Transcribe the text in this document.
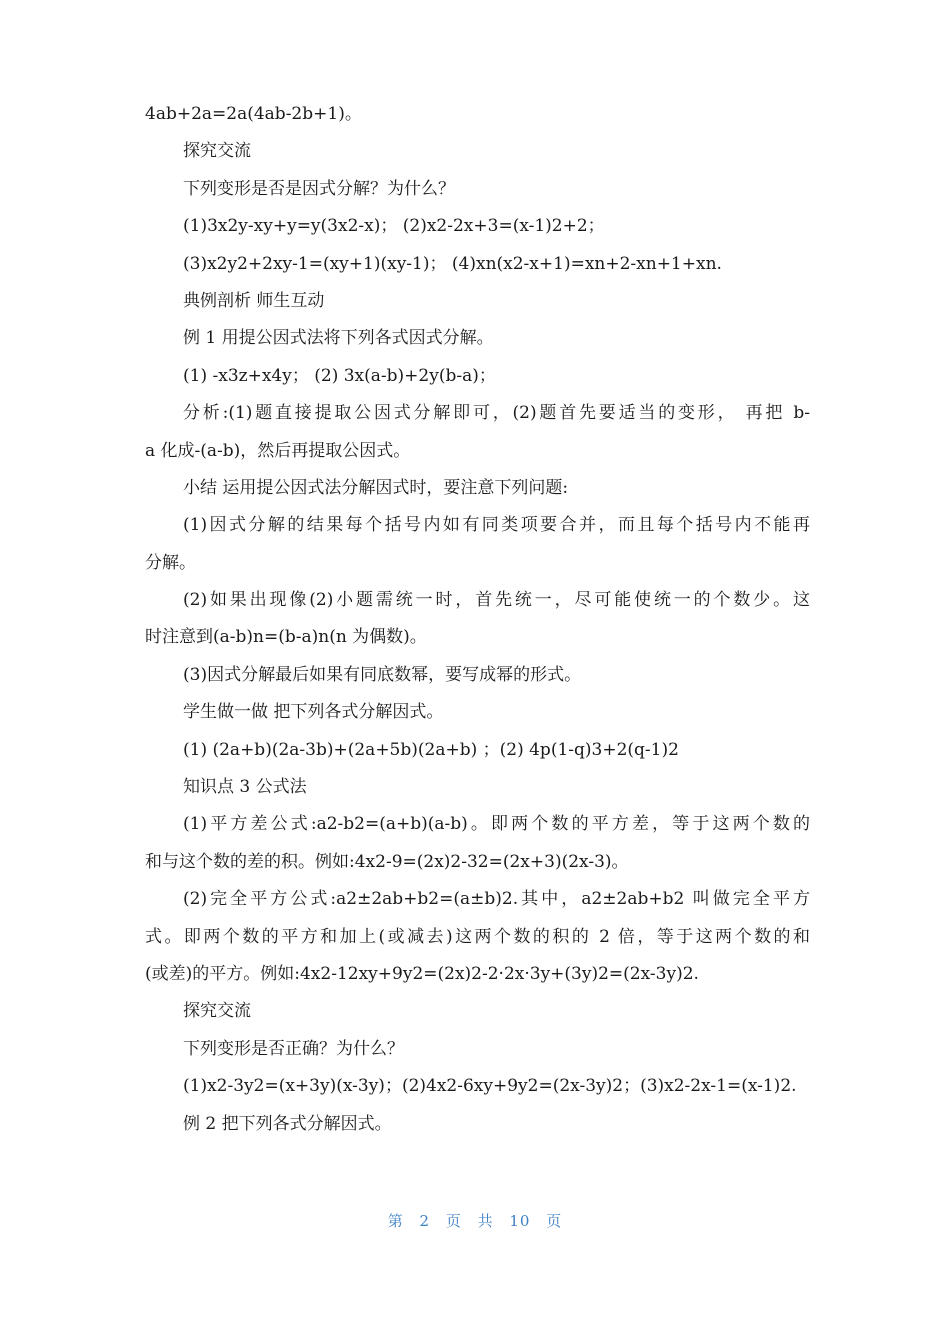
4ab+2a=2a(4ab-2b+1)。
探究交流
下列变形是否是因式分解？为什么？
(1)3x2y-xy+y=y(3x2-x)； (2)x2-2x+3=(x-1)2+2；
(3)x2y2+2xy-1=(xy+1)(xy-1)； (4)xn(x2-x+1)=xn+2-xn+1+xn.
典例剖析 师生互动
例 1 用提公因式法将下列各式因式分解。
(1) -x3z+x4y； (2) 3x(a-b)+2y(b-a)；
分析:(1)题直接提取公因式分解即可，(2)题首先要适当的变形， 再把 b-
a 化成-(a-b)，然后再提取公因式。
小结 运用提公因式法分解因式时，要注意下列问题:
(1)因式分解的结果每个括号内如有同类项要合并，而且每个括号内不能再
分解。
(2)如果出现像(2)小题需统一时，首先统一，尽可能使统一的个数少。这
时注意到(a-b)n=(b-a)n(n 为偶数)。
(3)因式分解最后如果有同底数幂，要写成幂的形式。
学生做一做 把下列各式分解因式。
(1) (2a+b)(2a-3b)+(2a+5b)(2a+b) ；(2) 4p(1-q)3+2(q-1)2
知识点 3 公式法
(1)平方差公式:a2-b2=(a+b)(a-b)。即两个数的平方差，等于这两个数的
和与这个数的差的积。例如:4x2-9=(2x)2-32=(2x+3)(2x-3)。
(2)完全平方公式:a2±2ab+b2=(a±b)2.其中，a2±2ab+b2 叫做完全平方
式。即两个数的平方和加上(或减去)这两个数的积的 2 倍，等于这两个数的和
(或差)的平方。例如:4x2-12xy+9y2=(2x)2-2·2x·3y+(3y)2=(2x-3y)2.
探究交流
下列变形是否正确？为什么？
(1)x2-3y2=(x+3y)(x-3y)；(2)4x2-6xy+9y2=(2x-3y)2；(3)x2-2x-1=(x-1)2.
例 2 把下列各式分解因式。
第 2 页 共 10 页
